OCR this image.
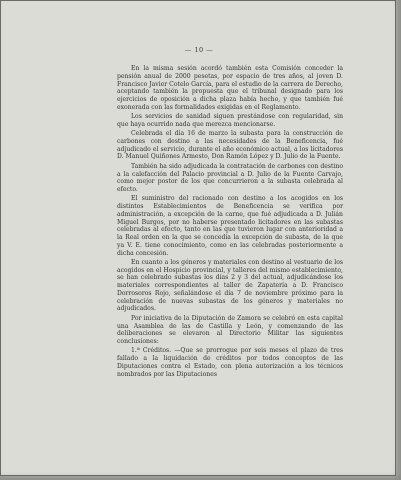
— 10 —

En la misma sesión acordó también esta Comisión conceder la pensión anual de 2000 pesetas, por espacio de tres años, al joven D. Francisco Javier Cotelo García, para el estudio de la carrera de Derecho, aceptando también la propuesta que el tribunal designado para los ejercicios de oposición a dicha plaza había hecho, y que también fué exonerada con las formalidades exigidas en el Reglamento.

Los servicios de sanidad siguen prestándose con regularidad, sin que haya ocurrido nada que merezca mencionarse.

Celebrada el día 16 de marzo la subasta para la construcción de carbones con destino a las necesidades de la Beneficencia, fué adjudicado el servicio, durante el año económico actual, a los licitadores D. Manuel Quiñones Armesto, Don Ramón López y D. Julio de la Fuente.

También ha sido adjudicada la contratación de carbones con destino a la calefacción del Palacio provincial a D. Julio de la Fuente Carvajo, como mejor postor de los que concurrieron a la subasta celebrada al efecto.

El suministro del racionado con destino a los acogidos en los distintos Establecimientos de Beneficencia se verifica por administración, a excepción de la carne, que fué adjudicada a D. Julián Miguel Burgos, por no haberse presentado licitadores en las subastas celebradas al efecto, tanto en las que tuvieron lugar con anterioridad a la Real orden en la que se concedía la excepción de subasta, de la que ya V. E. tiene conocimiento, como en las celebradas posteriormente a dicha concesión.

En cuanto a los géneros y materiales con destino al vestuario de los acogidos en el Hospicio provincial, y talleres del mismo establecimiento, se han celebrado subastas los días 2 y 3 del actual, adjudicándose los materiales correspondientes al taller de Zapatería a D. Francisco Dorrosoros Rojo, señalándose el día 7 de noviembre próximo para la celebración de nuevas subastas de los géneros y materiales no adjudicados.

Por iniciativa de la Diputación de Zamora se celebró en esta capital una Asamblea de las de Castilla y León, y comenzando de las deliberaciones se elevaron al Directorio Militar las siguientes conclusiones:

1.ª Créditos. —Que se prorrogue por seis meses el plazo de tres fallado a la liquidación de créditos por todos conceptos de las Diputaciones contra el Estado, con plena autorización a los técnicos nombrados por las Diputaciones
